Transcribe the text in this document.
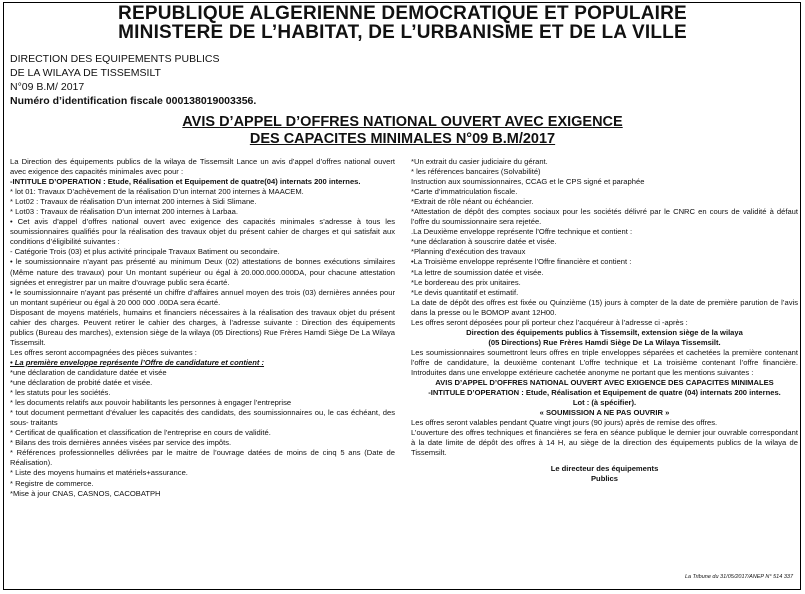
REPUBLIQUE ALGERIENNE DEMOCRATIQUE ET POPULAIRE
MINISTERE DE L’HABITAT, DE L’URBANISME ET DE LA VILLE
DIRECTION DES EQUIPEMENTS PUBLICS
DE LA WILAYA DE TISSEMSILT
N°09 B.M/ 2017
Numéro d’identification fiscale 000138019003356.
AVIS D’APPEL D’OFFRES NATIONAL OUVERT AVEC EXIGENCE
DES CAPACITES MINIMALES N°09 B.M/2017

La Direction des équipements publics de la wilaya de Tissemsilt Lance un avis d’appel d’offres national ouvert avec exigence des capacités minimales avec pour :

-INTITULE D’OPERATION : Etude, Réalisation et Equipement de quatre(04) internats 200 internes.

* lot 01: Travaux D’achèvement de la réalisation D’un internat 200 internes à MAACEM.

* Lot02 : Travaux de réalisation D’un internat 200 internes à Sidi Slimane.

* Lot03 : Travaux de réalisation D’un internat 200 internes à Larbaa.

• Cet avis d’appel d’offres national ouvert avec exigence des capacités minimales s’adresse à tous les soumissionnaires qualifiés pour la réalisation des travaux objet du présent cahier de charges et qui satisfait aux conditions d’éligibilité suivantes :

- Catégorie Trois (03) et plus activité principale Travaux Batiment ou secondaire.

• le soumissionnaire n’ayant pas présenté au minimum Deux (02) attestations de bonnes exécutions similaires (Même nature des travaux) pour Un montant supérieur ou égal à 20.000.000.000DA, pour chacune attestation signées et enregistrer par un maitre d’ouvrage public sera écarté.

• le soumissionnaire n’ayant pas présenté un chiffre d’affaires annuel moyen des trois (03) dernières années pour un montant supérieur ou égal à 20 000 000 .00DA sera écarté.

Disposant de moyens matériels, humains et financiers nécessaires à la réalisation des travaux objet du présent cahier des charges. Peuvent retirer le cahier des charges, à l’adresse suivante : Direction des équipements publics (Bureau des marches), extension siège de la wilaya (05 Directions) Rue Frères Hamdi Siège De La Wilaya Tissemsilt.

Les offres seront accompagnées des pièces suivantes :

• La première enveloppe représente l’Offre de candidature et contient :

*une déclaration de candidature datée et visée

*une déclaration de probité datée et visée.

* les statuts pour les sociétés.

* les documents relatifs aux pouvoir habilitants les personnes à engager l’entreprise

* tout document permettant d’évaluer les capacités des candidats, des soumissionnaires ou, le cas échéant, des sous- traitants

* Certificat de qualification et classification de l’entreprise en cours de validité.

* Bilans des trois dernières années visées par service des impôts.

* Références professionnelles délivrées par le maitre de l’ouvrage datées de moins de cinq 5 ans (Date de Réalisation).

* Liste des moyens humains et matériels+assurance.

* Registre de commerce.

*Mise à jour CNAS, CASNOS, CACOBATPH

*Un extrait du casier judiciaire du gérant.

* les références bancaires (Solvabilité)

Instruction aux soumissionnaires, CCAG et le CPS signé et paraphée

*Carte d’immatriculation fiscale.

*Extrait de rôle néant ou échéancier.

*Attestation de dépôt des comptes sociaux pour les sociétés délivré par le CNRC en cours de validité à défaut l’offre du soumissionnaire sera rejetée.

.La Deuxième enveloppe représente l’Offre technique et contient :

*une déclaration à souscrire datée et visée.

*Planning d’exécution des travaux

•La Troisième enveloppe représente l’Offre financière et contient :

*La lettre de soumission datée et visée.

*Le bordereau des prix unitaires.

*Le devis quantitatif et estimatif.

La date de dépôt des offres est fixée ou Quinzième (15) jours à compter de la date de première parution de l’avis dans la presse ou le BOMOP avant 12H00.

Les offres seront déposées pour pli porteur chez l’acquéreur à l’adresse ci -après :

Direction des équipements publics à Tissemsilt, extension siège de la wilaya

(05 Directions) Rue Frères Hamdi Siège De La Wilaya Tissemsilt.

Les soumissionnaires soumettront leurs offres en triple enveloppes séparées et cachetées la première contenant l’offre de candidature, la deuxième contenant L’offre technique et La troisième contenant l’offre financière. Introduites dans une enveloppe extérieure cachetée anonyme ne portant que les mentions suivantes :

AVIS D’APPEL D’OFFRES NATIONAL OUVERT AVEC EXIGENCE DES CAPACITES MINIMALES

-INTITULE D’OPERATION : Etude, Réalisation et Equipement de quatre (04) internats 200 internes.

Lot : (à spécifier).

« SOUMISSION A NE PAS OUVRIR »

Les offres seront valables pendant Quatre vingt jours (90 jours) après de remise des offres.

L’ouverture des offres techniques et financières se fera en séance publique le dernier jour ouvrable correspondant à la date limite de dépôt des offres à 14 H, au siège de la direction des équipements publics de la wilaya de Tissemsilt.

Le directeur des équipements

Publics

La Tribune du 31/05/2017/ANEP N° 514 337
